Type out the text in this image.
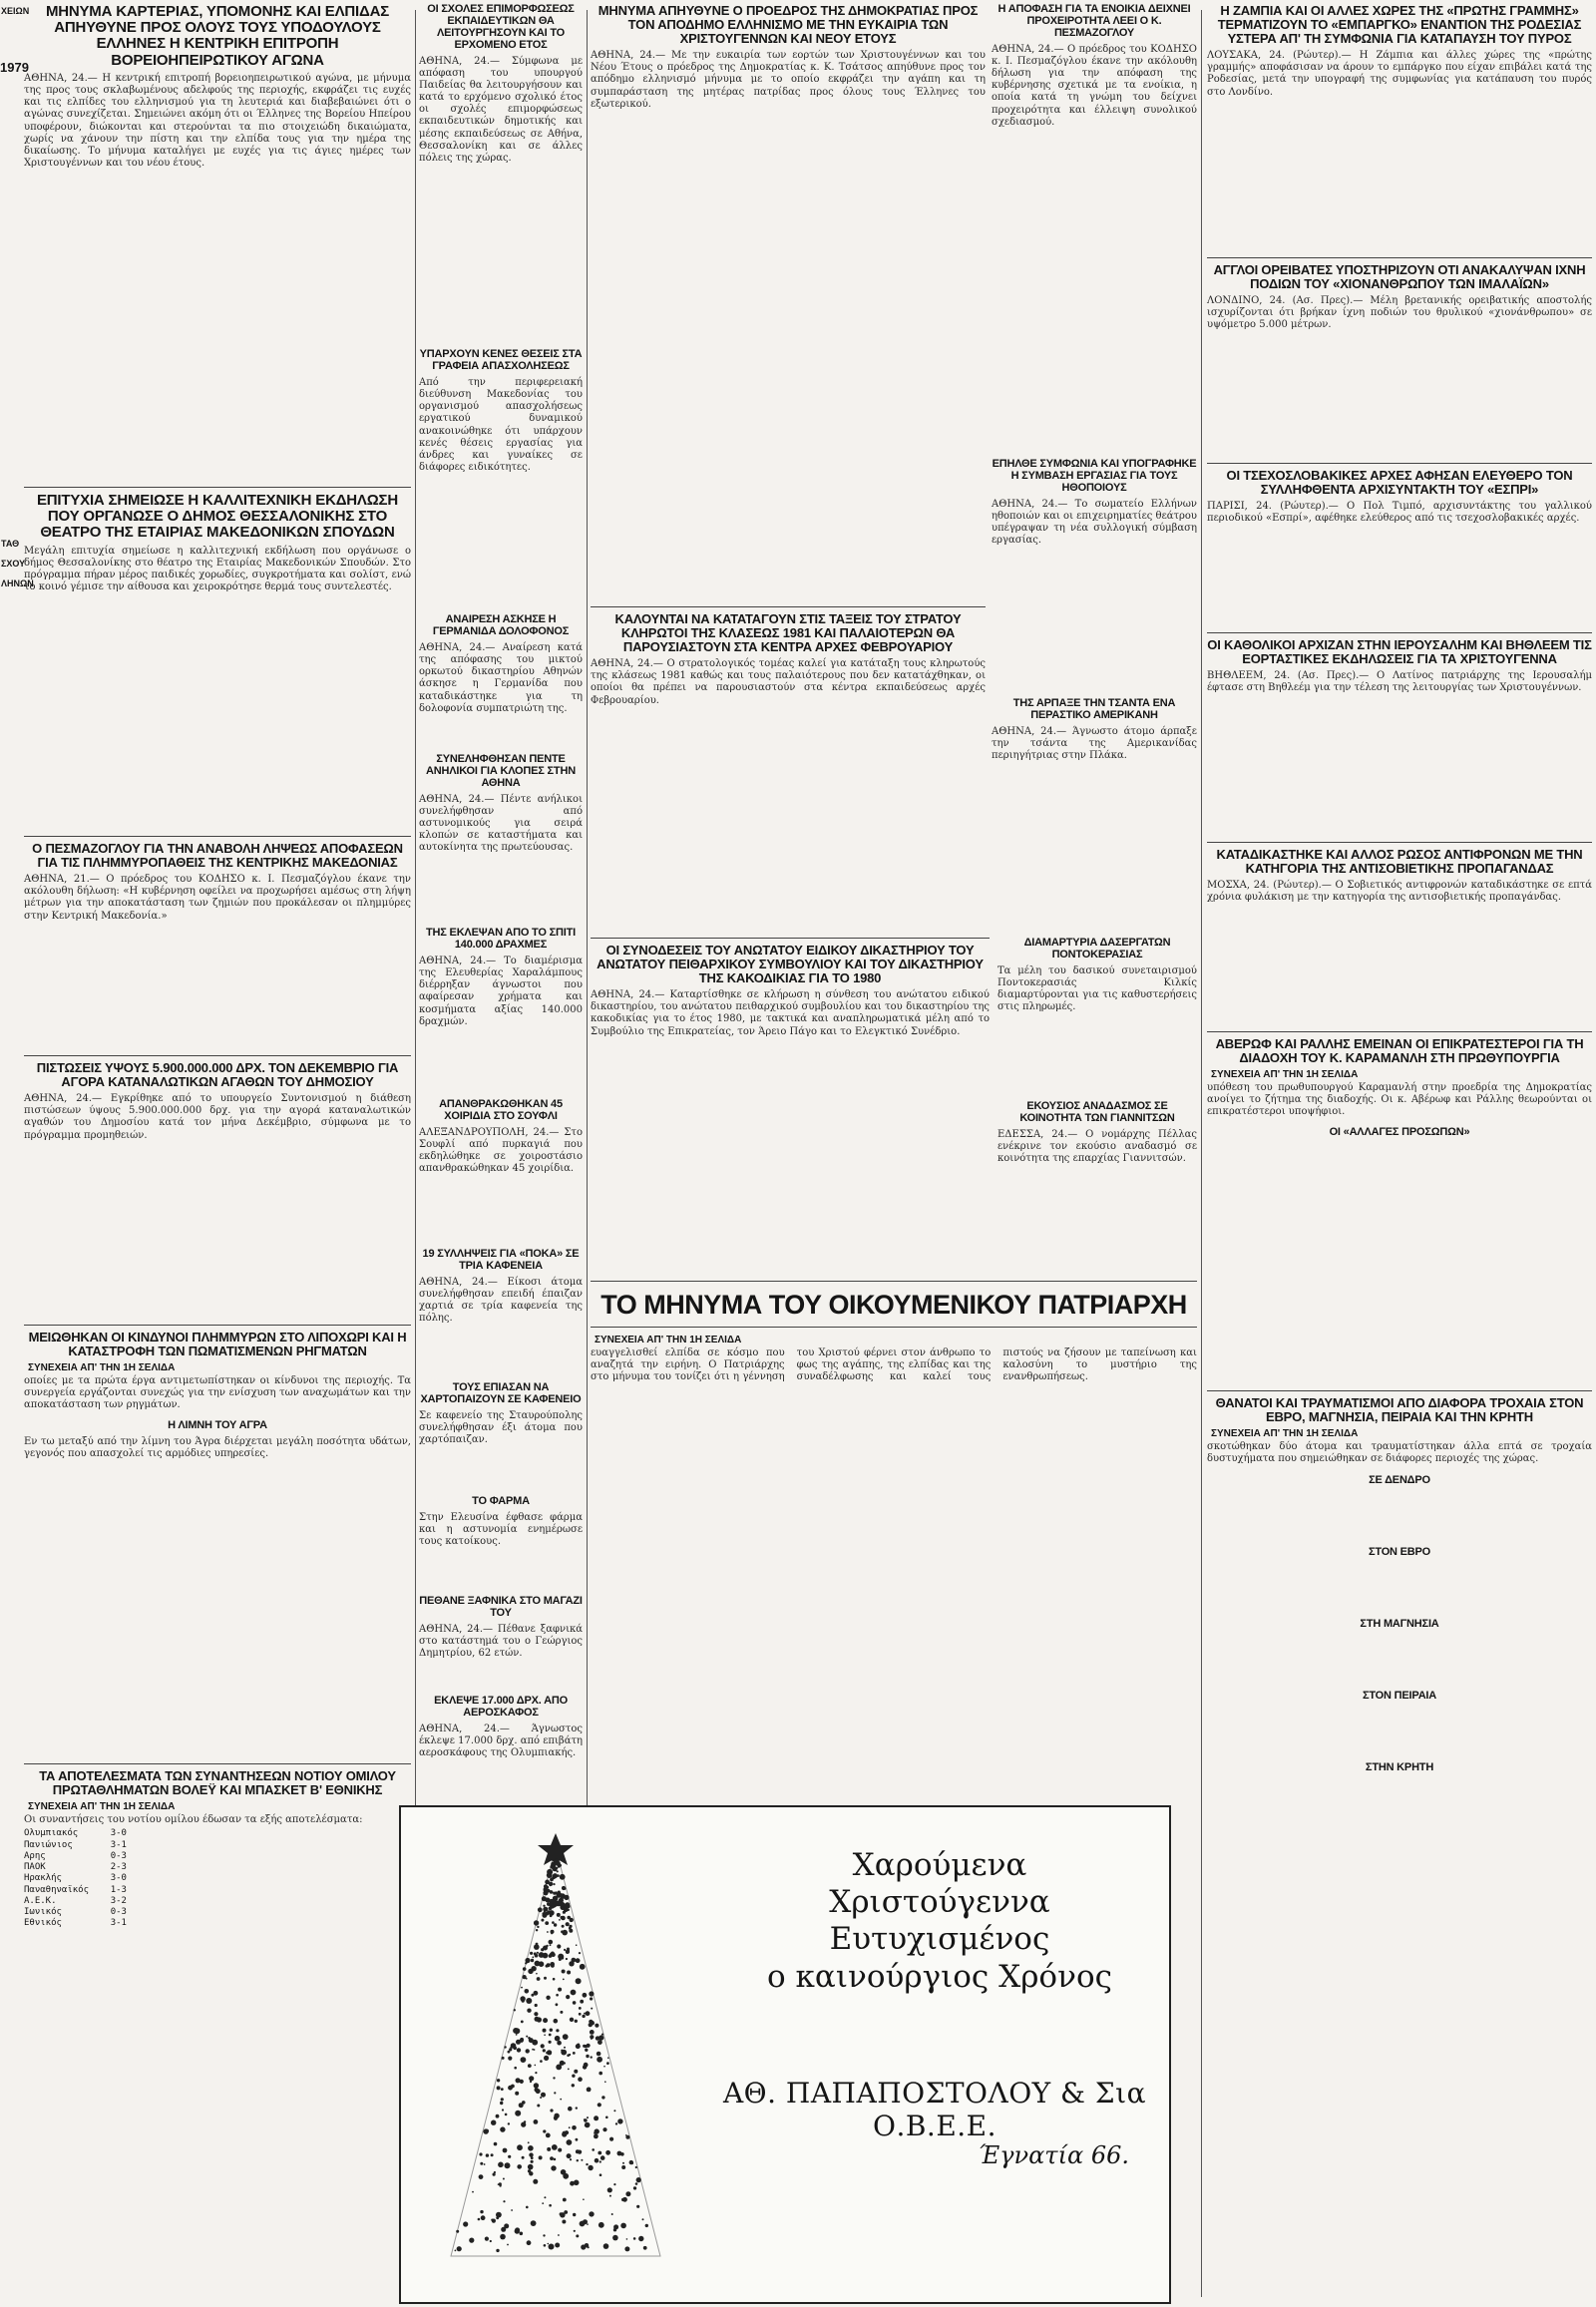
ΧΕΙΩΝ
1979
ΤΑΘ
ΣΧΟΥ
ΛΗΝΩΝ
ΜΗΝΥΜΑ ΚΑΡΤΕΡΙΑΣ, ΥΠΟΜΟΝΗΣ ΚΑΙ ΕΛΠΙΔΑΣ ΑΠΗΥΘΥΝΕ ΠΡΟΣ ΟΛΟΥΣ ΤΟΥΣ ΥΠΟΔΟΥΛΟΥΣ ΕΛΛΗΝΕΣ Η ΚΕΝΤΡΙΚΗ ΕΠΙΤΡΟΠΗ ΒΟΡΕΙΟΗΠΕΙΡΩΤΙΚΟΥ ΑΓΩΝΑ

ΑΘΗΝΑ, 24.— Η κεντρική επιτροπή βορειοηπειρωτικού αγώνα, με μήνυμα της προς τους σκλαβωμένους αδελφούς της περιοχής, εκφράζει τις ευχές και τις ελπίδες του ελληνισμού για τη λευτεριά και διαβεβαιώνει ότι ο αγώνας συνεχίζεται. Σημειώνει ακόμη ότι οι Έλληνες της Βορείου Ηπείρου υποφέρουν, διώκονται και στερούνται τα πιο στοιχειώδη δικαιώματα, χωρίς να χάνουν την πίστη και την ελπίδα τους για την ημέρα της δικαίωσης. Το μήνυμα καταλήγει με ευχές για τις άγιες ημέρες των Χριστουγέννων και του νέου έτους.

ΕΠΙΤΥΧΙΑ ΣΗΜΕΙΩΣΕ Η ΚΑΛΛΙΤΕΧΝΙΚΗ ΕΚΔΗΛΩΣΗ ΠΟΥ ΟΡΓΑΝΩΣΕ Ο ΔΗΜΟΣ ΘΕΣΣΑΛΟΝΙΚΗΣ ΣΤΟ ΘΕΑΤΡΟ ΤΗΣ ΕΤΑΙΡΙΑΣ ΜΑΚΕΔΟΝΙΚΩΝ ΣΠΟΥΔΩΝ

Μεγάλη επιτυχία σημείωσε η καλλιτεχνική εκδήλωση που οργάνωσε ο δήμος Θεσσαλονίκης στο θέατρο της Εταιρίας Μακεδονικών Σπουδών. Στο πρόγραμμα πήραν μέρος παιδικές χορωδίες, συγκροτήματα και σολίστ, ενώ το κοινό γέμισε την αίθουσα και χειροκρότησε θερμά τους συντελεστές.

Ο ΠΕΣΜΑΖΟΓΛΟΥ ΓΙΑ ΤΗΝ ΑΝΑΒΟΛΗ ΛΗΨΕΩΣ ΑΠΟΦΑΣΕΩΝ ΓΙΑ ΤΙΣ ΠΛΗΜΜΥΡΟΠΑΘΕΙΣ ΤΗΣ ΚΕΝΤΡΙΚΗΣ ΜΑΚΕΔΟΝΙΑΣ

ΑΘΗΝΑ, 21.— Ο πρόεδρος του ΚΟΔΗΣΟ κ. Ι. Πεσμαζόγλου έκανε την ακόλουθη δήλωση: «Η κυβέρνηση οφείλει να προχωρήσει αμέσως στη λήψη μέτρων για την αποκατάσταση των ζημιών που προκάλεσαν οι πλημμύρες στην Κεντρική Μακεδονία.»

ΠΙΣΤΩΣΕΙΣ ΥΨΟΥΣ 5.900.000.000 ΔΡΧ. ΤΟΝ ΔΕΚΕΜΒΡΙΟ ΓΙΑ ΑΓΟΡΑ ΚΑΤΑΝΑΛΩΤΙΚΩΝ ΑΓΑΘΩΝ ΤΟΥ ΔΗΜΟΣΙΟΥ

ΑΘΗΝΑ, 24.— Εγκρίθηκε από το υπουργείο Συντονισμού η διάθεση πιστώσεων ύψους 5.900.000.000 δρχ. για την αγορά καταναλωτικών αγαθών του Δημοσίου κατά τον μήνα Δεκέμβριο, σύμφωνα με το πρόγραμμα προμηθειών.

ΜΕΙΩΘΗΚΑΝ ΟΙ ΚΙΝΔΥΝΟΙ ΠΛΗΜΜΥΡΩΝ ΣΤΟ ΛΙΠΟΧΩΡΙ ΚΑΙ Η ΚΑΤΑΣΤΡΟΦΗ ΤΩΝ ΠΩΜΑΤΙΣΜΕΝΩΝ ΡΗΓΜΑΤΩΝ
ΣΥΝΕΧΕΙΑ ΑΠ' ΤΗΝ 1Η ΣΕΛΙΔΑ

οποίες με τα πρώτα έργα αντιμετωπίστηκαν οι κίνδυνοι της περιοχής. Τα συνεργεία εργάζονται συνεχώς για την ενίσχυση των αναχωμάτων και την αποκατάσταση των ρηγμάτων.

Η ΛΙΜΝΗ ΤΟΥ ΑΓΡΑ

Εν τω μεταξύ από την λίμνη του Άγρα διέρχεται μεγάλη ποσότητα υδάτων, γεγονός που απασχολεί τις αρμόδιες υπηρεσίες.

ΤΑ ΑΠΟΤΕΛΕΣΜΑΤΑ ΤΩΝ ΣΥΝΑΝΤΗΣΕΩΝ ΝΟΤΙΟΥ ΟΜΙΛΟΥ ΠΡΩΤΑΘΛΗΜΑΤΩΝ ΒΟΛΕΫ ΚΑΙ ΜΠΑΣΚΕΤ Β' ΕΘΝΙΚΗΣ
ΣΥΝΕΧΕΙΑ ΑΠ' ΤΗΝ 1Η ΣΕΛΙΔΑ

Οι συναντήσεις του νοτίου ομίλου έδωσαν τα εξής αποτελέσματα:

Ολυμπιακός      3-0
Πανιώνιος       3-1
Αρης            0-3
ΠΑΟΚ            2-3
Ηρακλής         3-0
Παναθηναϊκός    1-3
Α.Ε.Κ.          3-2
Ιωνικός         0-3
Εθνικός         3-1
ΟΙ ΣΧΟΛΕΣ ΕΠΙΜΟΡΦΩΣΕΩΣ ΕΚΠΑΙΔΕΥΤΙΚΩΝ ΘΑ ΛΕΙΤΟΥΡΓΗΣΟΥΝ ΚΑΙ ΤΟ ΕΡΧΟΜΕΝΟ ΕΤΟΣ

ΑΘΗΝΑ, 24.— Σύμφωνα με απόφαση του υπουργού Παιδείας θα λειτουργήσουν και κατά το ερχόμενο σχολικό έτος οι σχολές επιμορφώσεως εκπαιδευτικών δημοτικής και μέσης εκπαιδεύσεως σε Αθήνα, Θεσσαλονίκη και σε άλλες πόλεις της χώρας.

ΥΠΑΡΧΟΥΝ ΚΕΝΕΣ ΘΕΣΕΙΣ ΣΤΑ ΓΡΑΦΕΙΑ ΑΠΑΣΧΟΛΗΣΕΩΣ

Από την περιφερειακή διεύθυνση Μακεδονίας του οργανισμού απασχολήσεως εργατικού δυναμικού ανακοινώθηκε ότι υπάρχουν κενές θέσεις εργασίας για άνδρες και γυναίκες σε διάφορες ειδικότητες.

ΑΝΑΙΡΕΣΗ ΑΣΚΗΣΕ Η ΓΕΡΜΑΝΙΔΑ ΔΟΛΟΦΟΝΟΣ

ΑΘΗΝΑ, 24.— Αναίρεση κατά της απόφασης του μικτού ορκωτού δικαστηρίου Αθηνών άσκησε η Γερμανίδα που καταδικάστηκε για τη δολοφονία συμπατριώτη της.

ΣΥΝΕΛΗΦΘΗΣΑΝ ΠΕΝΤΕ ΑΝΗΛΙΚΟΙ ΓΙΑ ΚΛΟΠΕΣ ΣΤΗΝ ΑΘΗΝΑ

ΑΘΗΝΑ, 24.— Πέντε ανήλικοι συνελήφθησαν από αστυνομικούς για σειρά κλοπών σε καταστήματα και αυτοκίνητα της πρωτεύουσας.

ΤΗΣ ΕΚΛΕΨΑΝ ΑΠΟ ΤΟ ΣΠΙΤΙ 140.000 ΔΡΑΧΜΕΣ

ΑΘΗΝΑ, 24.— Το διαμέρισμα της Ελευθερίας Χαραλάμπους διέρρηξαν άγνωστοι που αφαίρεσαν χρήματα και κοσμήματα αξίας 140.000 δραχμών.

ΑΠΑΝΘΡΑΚΩΘΗΚΑΝ 45 ΧΟΙΡΙΔΙΑ ΣΤΟ ΣΟΥΦΛΙ

ΑΛΕΞΑΝΔΡΟΥΠΟΛΗ, 24.— Στο Σουφλί από πυρκαγιά που εκδηλώθηκε σε χοιροστάσιο απανθρακώθηκαν 45 χοιρίδια.

19 ΣΥΛΛΗΨΕΙΣ ΓΙΑ «ΠΟΚΑ» ΣΕ ΤΡΙΑ ΚΑΦΕΝΕΙΑ

ΑΘΗΝΑ, 24.— Είκοσι άτομα συνελήφθησαν επειδή έπαιζαν χαρτιά σε τρία καφενεία της πόλης.

ΤΟΥΣ ΕΠΙΑΣΑΝ ΝΑ ΧΑΡΤΟΠΑΙΖΟΥΝ ΣΕ ΚΑΦΕΝΕΙΟ

Σε καφενείο της Σταυρούπολης συνελήφθησαν έξι άτομα που χαρτόπαιζαν.

ΤΟ ΦΑΡΜΑ

Στην Ελευσίνα έφθασε φάρμα και η αστυνομία ενημέρωσε τους κατοίκους.

ΠΕΘΑΝΕ ΞΑΦΝΙΚΑ ΣΤΟ ΜΑΓΑΖΙ ΤΟΥ

ΑΘΗΝΑ, 24.— Πέθανε ξαφνικά στο κατάστημά του ο Γεώργιος Δημητρίου, 62 ετών.

ΕΚΛΕΨΕ 17.000 ΔΡΧ. ΑΠΟ ΑΕΡΟΣΚΑΦΟΣ

ΑΘΗΝΑ, 24.— Άγνωστος έκλεψε 17.000 δρχ. από επιβάτη αεροσκάφους της Ολυμπιακής.

ΜΗΝΥΜΑ ΑΠΗΥΘΥΝΕ Ο ΠΡΟΕΔΡΟΣ ΤΗΣ ΔΗΜΟΚΡΑΤΙΑΣ ΠΡΟΣ ΤΟΝ ΑΠΟΔΗΜΟ ΕΛΛΗΝΙΣΜΟ ΜΕ ΤΗΝ ΕΥΚΑΙΡΙΑ ΤΩΝ ΧΡΙΣΤΟΥΓΕΝΝΩΝ ΚΑΙ ΝΕΟΥ ΕΤΟΥΣ

ΑΘΗΝΑ, 24.— Με την ευκαιρία των εορτών των Χριστουγέννων και του Νέου Έτους ο πρόεδρος της Δημοκρατίας κ. Κ. Τσάτσος απηύθυνε προς τον απόδημο ελληνισμό μήνυμα με το οποίο εκφράζει την αγάπη και τη συμπαράσταση της μητέρας πατρίδας προς όλους τους Έλληνες του εξωτερικού.

ΚΑΛΟΥΝΤΑΙ ΝΑ ΚΑΤΑΤΑΓΟΥΝ ΣΤΙΣ ΤΑΞΕΙΣ ΤΟΥ ΣΤΡΑΤΟΥ ΚΛΗΡΩΤΟΙ ΤΗΣ ΚΛΑΣΕΩΣ 1981 ΚΑΙ ΠΑΛΑΙΟΤΕΡΩΝ ΘΑ ΠΑΡΟΥΣΙΑΣΤΟΥΝ ΣΤΑ ΚΕΝΤΡΑ ΑΡΧΕΣ ΦΕΒΡΟΥΑΡΙΟΥ

ΑΘΗΝΑ, 24.— Ο στρατολογικός τομέας καλεί για κατάταξη τους κληρωτούς της κλάσεως 1981 καθώς και τους παλαιότερους που δεν κατατάχθηκαν, οι οποίοι θα πρέπει να παρουσιαστούν στα κέντρα εκπαιδεύσεως αρχές Φεβρουαρίου.

Η ΑΠΟΦΑΣΗ ΓΙΑ ΤΑ ΕΝΟΙΚΙΑ ΔΕΙΧΝΕΙ ΠΡΟΧΕΙΡΟΤΗΤΑ ΛΕΕΙ Ο Κ. ΠΕΣΜΑΖΟΓΛΟΥ

ΑΘΗΝΑ, 24.— Ο πρόεδρος του ΚΟΔΗΣΟ κ. Ι. Πεσμαζόγλου έκανε την ακόλουθη δήλωση για την απόφαση της κυβέρνησης σχετικά με τα ενοίκια, η οποία κατά τη γνώμη του δείχνει προχειρότητα και έλλειψη συνολικού σχεδιασμού.

ΕΠΗΛΘΕ ΣΥΜΦΩΝΙΑ ΚΑΙ ΥΠΟΓΡΑΦΗΚΕ Η ΣΥΜΒΑΣΗ ΕΡΓΑΣΙΑΣ ΓΙΑ ΤΟΥΣ ΗΘΟΠΟΙΟΥΣ

ΑΘΗΝΑ, 24.— Το σωματείο Ελλήνων ηθοποιών και οι επιχειρηματίες θεάτρου υπέγραψαν τη νέα συλλογική σύμβαση εργασίας.

ΤΗΣ ΑΡΠΑΞΕ ΤΗΝ ΤΣΑΝΤΑ ΕΝΑ ΠΕΡΑΣΤΙΚΟ ΑΜΕΡΙΚΑΝΗ

ΑΘΗΝΑ, 24.— Άγνωστο άτομο άρπαξε την τσάντα της Αμερικανίδας περιηγήτριας στην Πλάκα.

ΟΙ ΣΥΝΟΔΕΣΕΙΣ ΤΟΥ ΑΝΩΤΑΤΟΥ ΕΙΔΙΚΟΥ ΔΙΚΑΣΤΗΡΙΟΥ ΤΟΥ ΑΝΩΤΑΤΟΥ ΠΕΙΘΑΡΧΙΚΟΥ ΣΥΜΒΟΥΛΙΟΥ ΚΑΙ ΤΟΥ ΔΙΚΑΣΤΗΡΙΟΥ ΤΗΣ ΚΑΚΟΔΙΚΙΑΣ ΓΙΑ ΤΟ 1980

ΑΘΗΝΑ, 24.— Καταρτίσθηκε σε κλήρωση η σύνθεση του ανώτατου ειδικού δικαστηρίου, του ανώτατου πειθαρχικού συμβουλίου και του δικαστηρίου της κακοδικίας για το έτος 1980, με τακτικά και αναπληρωματικά μέλη από το Συμβούλιο της Επικρατείας, τον Άρειο Πάγο και το Ελεγκτικό Συνέδριο.

ΔΙΑΜΑΡΤΥΡΙΑ ΔΑΣΕΡΓΑΤΩΝ ΠΟΝΤΟΚΕΡΑΣΙΑΣ

Τα μέλη του δασικού συνεταιρισμού Ποντοκερασιάς Κιλκίς διαμαρτύρονται για τις καθυστερήσεις στις πληρωμές.

ΕΚΟΥΣΙΟΣ ΑΝΑΔΑΣΜΟΣ ΣΕ ΚΟΙΝΟΤΗΤΑ ΤΩΝ ΓΙΑΝΝΙΤΣΩΝ

ΕΔΕΣΣΑ, 24.— Ο νομάρχης Πέλλας ενέκρινε τον εκούσιο αναδασμό σε κοινότητα της επαρχίας Γιαννιτσών.

ΤΟ ΜΗΝΥΜΑ ΤΟΥ ΟΙΚΟΥΜΕΝΙΚΟΥ ΠΑΤΡΙΑΡΧΗ
ΣΥΝΕΧΕΙΑ ΑΠ' ΤΗΝ 1Η ΣΕΛΙΔΑ

ευαγγελισθεί ελπίδα σε κόσμο που αναζητά την ειρήνη. Ο Πατριάρχης στο μήνυμα του τονίζει ότι η γέννηση του Χριστού φέρνει στον άνθρωπο το φως της αγάπης, της ελπίδας και της συναδέλφωσης και καλεί τους πιστούς να ζήσουν με ταπείνωση και καλοσύνη το μυστήριο της ενανθρωπήσεως.

Η ΖΑΜΠΙΑ ΚΑΙ ΟΙ ΑΛΛΕΣ ΧΩΡΕΣ ΤΗΣ «ΠΡΩΤΗΣ ΓΡΑΜΜΗΣ» ΤΕΡΜΑΤΙΖΟΥΝ ΤΟ «ΕΜΠΑΡΓΚΟ» ΕΝΑΝΤΙΟΝ ΤΗΣ ΡΟΔΕΣΙΑΣ ΥΣΤΕΡΑ ΑΠ' ΤΗ ΣΥΜΦΩΝΙΑ ΓΙΑ ΚΑΤΑΠΑΥΣΗ ΤΟΥ ΠΥΡΟΣ

ΛΟΥΣΑΚΑ, 24. (Ρώυτερ).— Η Ζάμπια και άλλες χώρες της «πρώτης γραμμής» αποφάσισαν να άρουν το εμπάργκο που είχαν επιβάλει κατά της Ροδεσίας, μετά την υπογραφή της συμφωνίας για κατάπαυση του πυρός στο Λονδίνο.

ΑΓΓΛΟΙ ΟΡΕΙΒΑΤΕΣ ΥΠΟΣΤΗΡΙΖΟΥΝ ΟΤΙ ΑΝΑΚΑΛΥΨΑΝ ΙΧΝΗ ΠΟΔΙΩΝ ΤΟΥ «ΧΙΟΝΑΝΘΡΩΠΟΥ ΤΩΝ ΙΜΑΛΑΪΩΝ»

ΛΟΝΔΙΝΟ, 24. (Ασ. Πρες).— Μέλη βρετανικής ορειβατικής αποστολής ισχυρίζονται ότι βρήκαν ίχνη ποδιών του θρυλικού «χιονάνθρωπου» σε υψόμετρο 5.000 μέτρων.

ΟΙ ΤΣΕΧΟΣΛΟΒΑΚΙΚΕΣ ΑΡΧΕΣ ΑΦΗΣΑΝ ΕΛΕΥΘΕΡΟ ΤΟΝ ΣΥΛΛΗΦΘΕΝΤΑ ΑΡΧΙΣΥΝΤΑΚΤΗ ΤΟΥ «ΕΣΠΡΙ»

ΠΑΡΙΣΙ, 24. (Ρώυτερ).— Ο Πολ Τιμπό, αρχισυντάκτης του γαλλικού περιοδικού «Εσπρί», αφέθηκε ελεύθερος από τις τσεχοσλοβακικές αρχές.

ΟΙ ΚΑΘΟΛΙΚΟΙ ΑΡΧΙΖΑΝ ΣΤΗΝ ΙΕΡΟΥΣΑΛΗΜ ΚΑΙ ΒΗΘΛΕΕΜ ΤΙΣ ΕΟΡΤΑΣΤΙΚΕΣ ΕΚΔΗΛΩΣΕΙΣ ΓΙΑ ΤΑ ΧΡΙΣΤΟΥΓΕΝΝΑ

ΒΗΘΛΕΕΜ, 24. (Ασ. Πρες).— Ο Λατίνος πατριάρχης της Ιερουσαλήμ έφτασε στη Βηθλεέμ για την τέλεση της λειτουργίας των Χριστουγέννων.

ΚΑΤΑΔΙΚΑΣΤΗΚΕ ΚΑΙ ΑΛΛΟΣ ΡΩΣΟΣ ΑΝΤΙΦΡΟΝΩΝ ΜΕ ΤΗΝ ΚΑΤΗΓΟΡΙΑ ΤΗΣ ΑΝΤΙΣΟΒΙΕΤΙΚΗΣ ΠΡΟΠΑΓΑΝΔΑΣ

ΜΟΣΧΑ, 24. (Ρώυτερ).— Ο Σοβιετικός αντιφρονών καταδικάστηκε σε επτά χρόνια φυλάκιση με την κατηγορία της αντισοβιετικής προπαγάνδας.

ΑΒΕΡΩΦ ΚΑΙ ΡΑΛΛΗΣ ΕΜΕΙΝΑΝ ΟΙ ΕΠΙΚΡΑΤΕΣΤΕΡΟΙ ΓΙΑ ΤΗ ΔΙΑΔΟΧΗ ΤΟΥ Κ. ΚΑΡΑΜΑΝΛΗ ΣΤΗ ΠΡΩΘΥΠΟΥΡΓΙΑ
ΣΥΝΕΧΕΙΑ ΑΠ' ΤΗΝ 1Η ΣΕΛΙΔΑ

υπόθεση του πρωθυπουργού Καραμανλή στην προεδρία της Δημοκρατίας ανοίγει το ζήτημα της διαδοχής. Οι κ. Αβέρωφ και Ράλλης θεωρούνται οι επικρατέστεροι υποψήφιοι.

ΟΙ «ΑΛΛΑΓΕΣ ΠΡΟΣΩΠΩΝ»
ΘΑΝΑΤΟΙ ΚΑΙ ΤΡΑΥΜΑΤΙΣΜΟΙ ΑΠΟ ΔΙΑΦΟΡΑ ΤΡΟΧΑΙΑ ΣΤΟΝ ΕΒΡΟ, ΜΑΓΝΗΣΙΑ, ΠΕΙΡΑΙΑ ΚΑΙ ΤΗΝ ΚΡΗΤΗ
ΣΥΝΕΧΕΙΑ ΑΠ' ΤΗΝ 1Η ΣΕΛΙΔΑ

σκοτώθηκαν δύο άτομα και τραυματίστηκαν άλλα επτά σε τροχαία δυστυχήματα που σημειώθηκαν σε διάφορες περιοχές της χώρας.

ΣΕ ΔΕΝΔΡΟ
ΣΤΟΝ ΕΒΡΟ
ΣΤΗ ΜΑΓΝΗΣΙΑ
ΣΤΟΝ ΠΕΙΡΑΙΑ
ΣΤΗΝ ΚΡΗΤΗ
Χαρούμενα Χριστούγεννα
Ευτυχισμένος
ο καινούργιος Χρόνος
ΑΘ. ΠΑΠΑΠΟΣΤΟΛΟΥ & Σια Ο.Β.Ε.Ε.
Έγνατία 66.
